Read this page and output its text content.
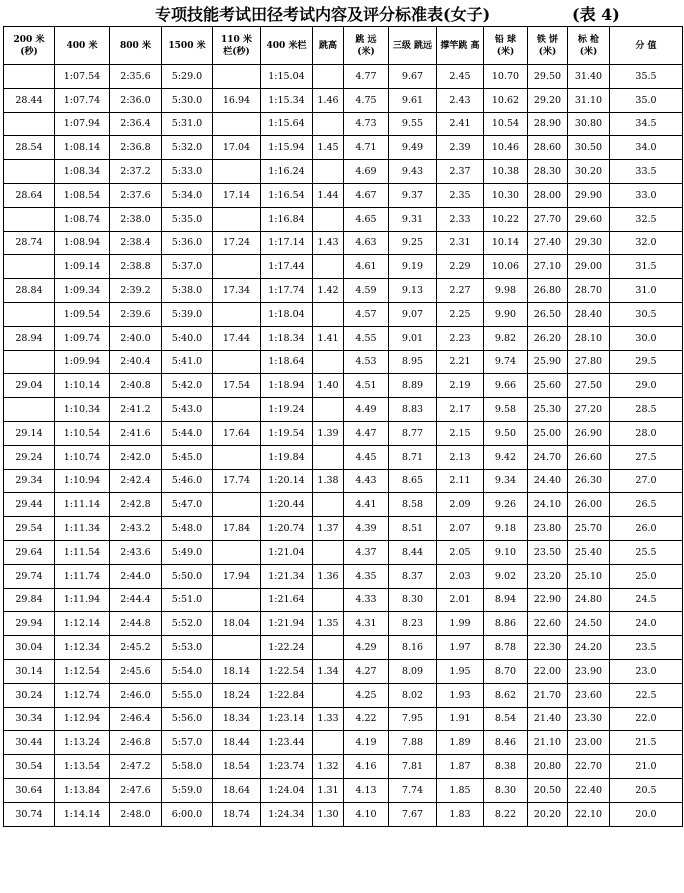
专项技能考试田径考试内容及评分标准表(女子)	(表 4)
200 米 (秒)	400 米	800 米	1500 米	110 米 栏(秒)	400 米栏	跳高	跳 远 (米)	三级 跳远	撑竿跳 高	铅 球 (米)	铁 饼 (米)	标 枪 (米)	分 值

	1:07.54	2:35.6	5:29.0		1:15.04		4.77	9.67	2.45	10.70	29.50	31.40	35.5
28.44	1:07.74	2:36.0	5:30.0	16.94	1:15.34	1.46	4.75	9.61	2.43	10.62	29.20	31.10	35.0
	1:07.94	2:36.4	5:31.0		1:15.64		4.73	9.55	2.41	10.54	28.90	30.80	34.5
28.54	1:08.14	2:36.8	5:32.0	17.04	1:15.94	1.45	4.71	9.49	2.39	10.46	28.60	30.50	34.0
	1:08.34	2:37.2	5:33.0		1:16.24		4.69	9.43	2.37	10.38	28.30	30.20	33.5
28.64	1:08.54	2:37.6	5:34.0	17.14	1:16.54	1.44	4.67	9.37	2.35	10.30	28.00	29.90	33.0
	1:08.74	2:38.0	5:35.0		1:16.84		4.65	9.31	2.33	10.22	27.70	29.60	32.5
28.74	1:08.94	2:38.4	5:36.0	17.24	1:17.14	1.43	4.63	9.25	2.31	10.14	27.40	29.30	32.0
	1:09.14	2:38.8	5:37.0		1:17.44		4.61	9.19	2.29	10.06	27.10	29.00	31.5
28.84	1:09.34	2:39.2	5:38.0	17.34	1:17.74	1.42	4.59	9.13	2.27	9.98	26.80	28.70	31.0
	1:09.54	2:39.6	5:39.0		1:18.04		4.57	9.07	2.25	9.90	26.50	28.40	30.5
28.94	1:09.74	2:40.0	5:40.0	17.44	1:18.34	1.41	4.55	9.01	2.23	9.82	26.20	28.10	30.0
	1:09.94	2:40.4	5:41.0		1:18.64		4.53	8.95	2.21	9.74	25.90	27.80	29.5
29.04	1:10.14	2:40.8	5:42.0	17.54	1:18.94	1.40	4.51	8.89	2.19	9.66	25.60	27.50	29.0
	1:10.34	2:41.2	5:43.0		1:19.24		4.49	8.83	2.17	9.58	25.30	27.20	28.5
29.14	1:10.54	2:41.6	5:44.0	17.64	1:19.54	1.39	4.47	8.77	2.15	9.50	25.00	26.90	28.0
29.24	1:10.74	2:42.0	5:45.0		1:19.84		4.45	8.71	2.13	9.42	24.70	26.60	27.5
29.34	1:10.94	2:42.4	5:46.0	17.74	1:20.14	1.38	4.43	8.65	2.11	9.34	24.40	26.30	27.0
29.44	1:11.14	2:42.8	5:47.0		1:20.44		4.41	8.58	2.09	9.26	24.10	26.00	26.5
29.54	1:11.34	2:43.2	5:48.0	17.84	1:20.74	1.37	4.39	8.51	2.07	9.18	23.80	25.70	26.0
29.64	1:11.54	2:43.6	5:49.0		1:21.04		4.37	8.44	2.05	9.10	23.50	25.40	25.5
29.74	1:11.74	2:44.0	5:50.0	17.94	1:21.34	1.36	4.35	8.37	2.03	9.02	23.20	25.10	25.0
29.84	1:11.94	2:44.4	5:51.0		1:21.64		4.33	8.30	2.01	8.94	22.90	24.80	24.5
29.94	1:12.14	2:44.8	5:52.0	18.04	1:21.94	1.35	4.31	8.23	1.99	8.86	22.60	24.50	24.0
30.04	1:12.34	2:45.2	5:53.0		1:22.24		4.29	8.16	1.97	8.78	22.30	24.20	23.5
30.14	1:12.54	2:45.6	5:54.0	18.14	1:22.54	1.34	4.27	8.09	1.95	8.70	22.00	23.90	23.0
30.24	1:12.74	2:46.0	5:55.0	18.24	1:22.84		4.25	8.02	1.93	8.62	21.70	23.60	22.5
30.34	1:12.94	2:46.4	5:56.0	18.34	1:23.14	1.33	4.22	7.95	1.91	8.54	21.40	23.30	22.0
30.44	1:13.24	2:46.8	5:57.0	18.44	1:23.44		4.19	7.88	1.89	8.46	21.10	23.00	21.5
30.54	1:13.54	2:47.2	5:58.0	18.54	1:23.74	1.32	4.16	7.81	1.87	8.38	20.80	22.70	21.0
30.64	1:13.84	2:47.6	5:59.0	18.64	1:24.04	1.31	4.13	7.74	1.85	8.30	20.50	22.40	20.5
30.74	1:14.14	2:48.0	6:00.0	18.74	1:24.34	1.30	4.10	7.67	1.83	8.22	20.20	22.10	20.0
